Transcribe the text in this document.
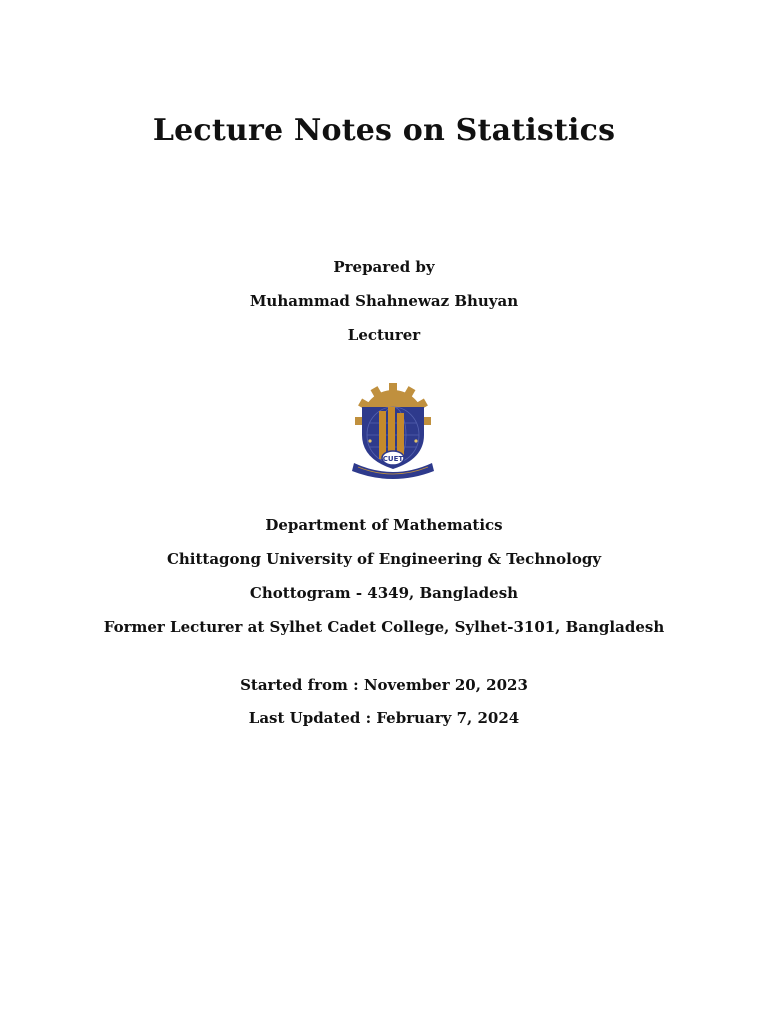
Lecture Notes on Statistics
Prepared by
Muhammad Shahnewaz Bhuyan
Lecturer
CUET
Department of Mathematics
Chittagong University of Engineering & Technology
Chottogram - 4349, Bangladesh
Former Lecturer at Sylhet Cadet College, Sylhet-3101, Bangladesh
Started from : November 20, 2023
Last Updated : February 7, 2024
